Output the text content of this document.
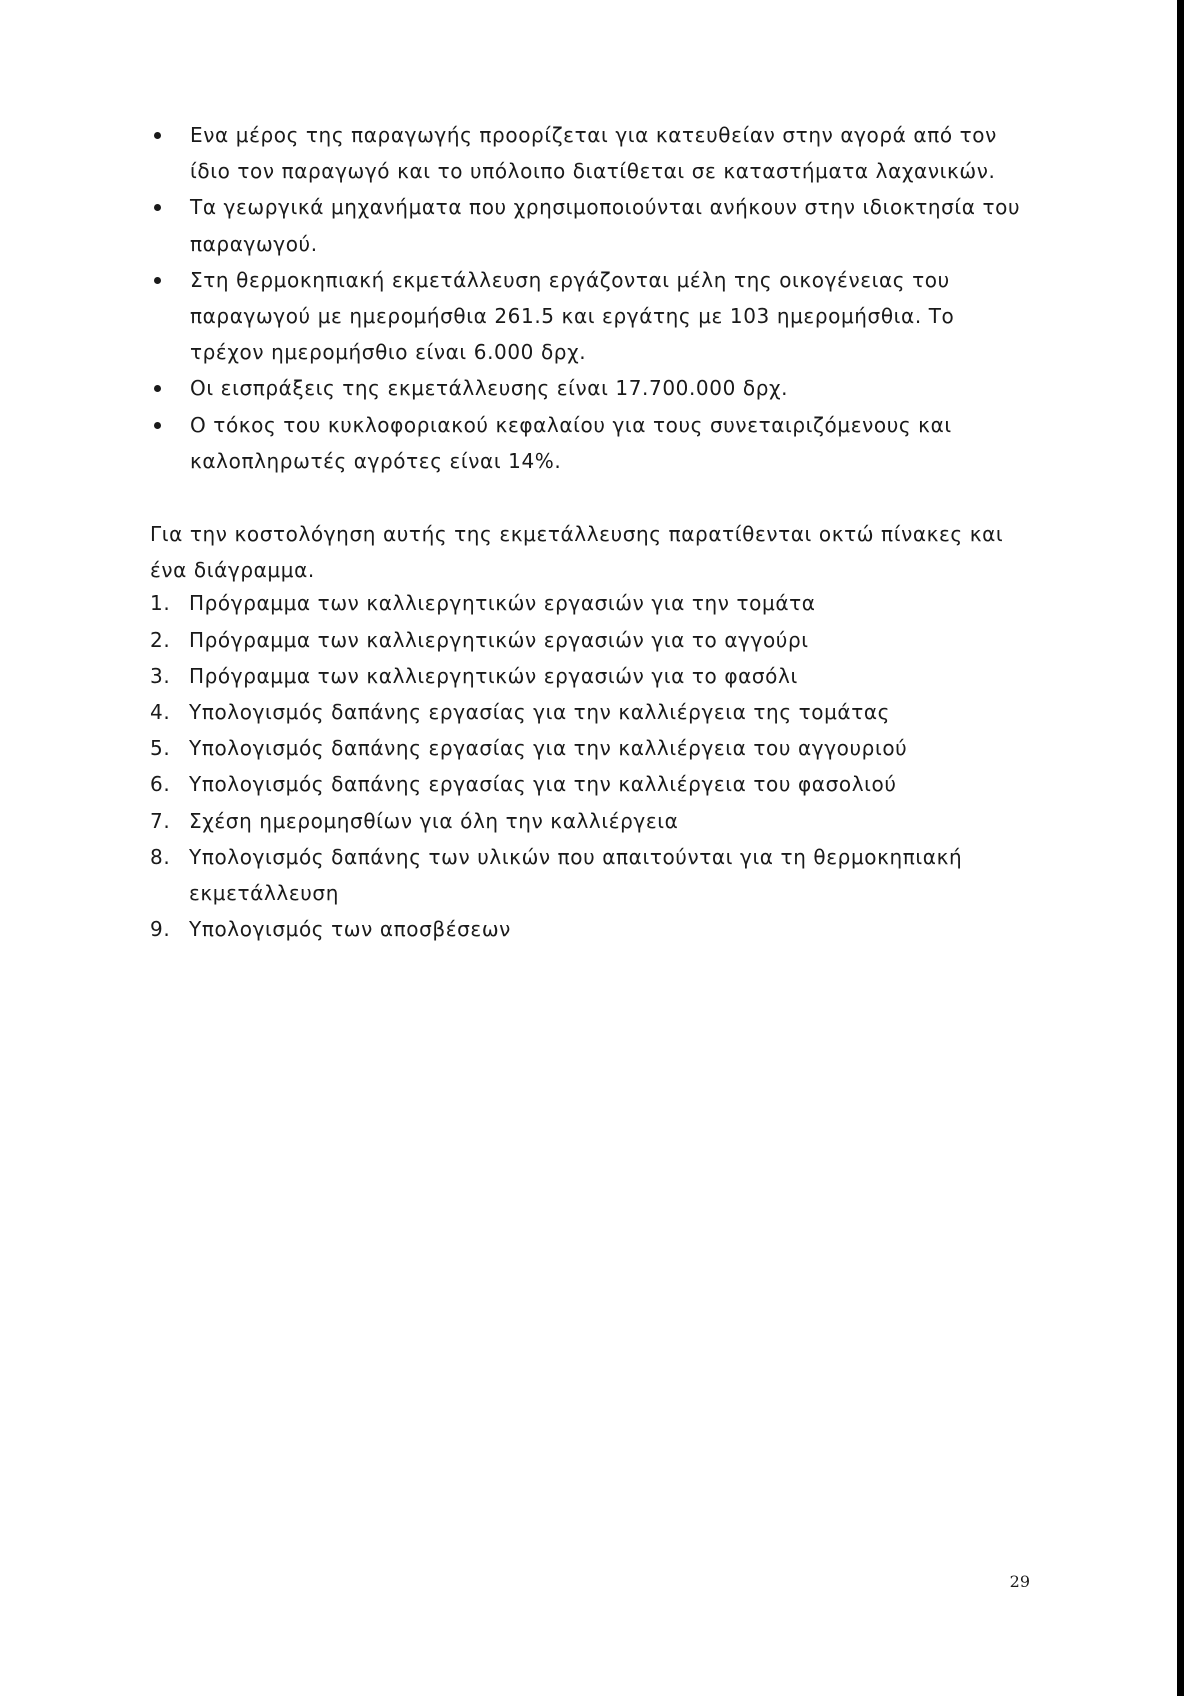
Ενα μέρος της παραγωγής προορίζεται για κατευθείαν στην αγορά από τον ίδιο τον παραγωγό και το υπόλοιπο διατίθεται σε καταστήματα λαχανικών.
Τα γεωργικά μηχανήματα που χρησιμοποιούνται ανήκουν στην ιδιοκτησία του παραγωγού.
Στη θερμοκηπιακή εκμετάλλευση εργάζονται μέλη της οικογένειας του παραγωγού με ημερομήσθια 261.5 και εργάτης με 103 ημερομήσθια. Το τρέχον ημερομήσθιο είναι 6.000 δρχ.
Οι εισπράξεις της εκμετάλλευσης είναι 17.700.000 δρχ.
Ο τόκος του κυκλοφοριακού κεφαλαίου για τους συνεταιριζόμενους και καλοπληρωτές αγρότες είναι 14%.

Για την κοστολόγηση αυτής της εκμετάλλευσης παρατίθενται οκτώ πίνακες και ένα διάγραμμα.

1. Πρόγραμμα των καλλιεργητικών εργασιών για την τομάτα
2. Πρόγραμμα των καλλιεργητικών εργασιών για το αγγούρι
3. Πρόγραμμα των καλλιεργητικών εργασιών για το φασόλι
4. Υπολογισμός δαπάνης εργασίας για την καλλιέργεια της τομάτας
5. Υπολογισμός δαπάνης εργασίας για την καλλιέργεια του αγγουριού
6. Υπολογισμός δαπάνης εργασίας για την καλλιέργεια του φασολιού
7. Σχέση ημερομησθίων για όλη την καλλιέργεια
8. Υπολογισμός δαπάνης των υλικών που απαιτούνται για τη θερμοκηπιακή εκμετάλλευση
9. Υπολογισμός των αποσβέσεων
29
